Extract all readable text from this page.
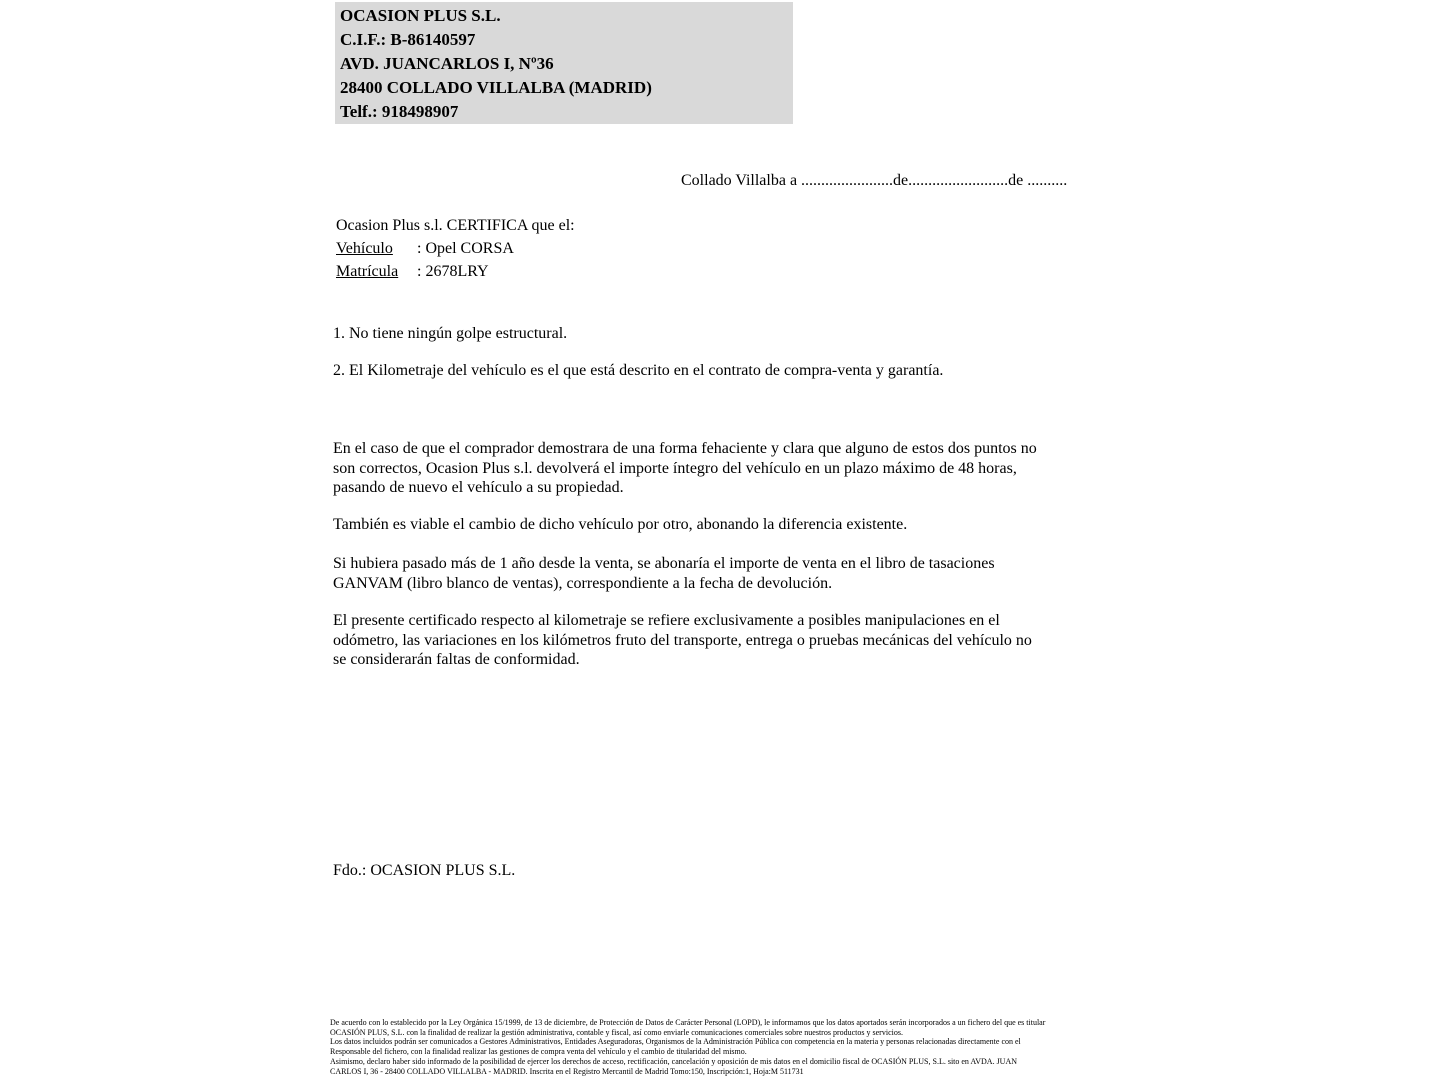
OCASION PLUS S.L.
C.I.F.: B-86140597
AVD. JUANCARLOS I, Nº36
28400 COLLADO VILLALBA (MADRID)
Telf.: 918498907
Collado Villalba a .......................de.........................de ..........
Ocasion Plus s.l. CERTIFICA que el:
Vehículo : Opel CORSA
Matrícula : 2678LRY
1. No tiene ningún golpe estructural.
2. El Kilometraje del vehículo es el que está descrito en el contrato de compra-venta y garantía.
En el caso de que el comprador demostrara de una forma fehaciente y clara que alguno de estos dos puntos no
son correctos, Ocasion Plus s.l. devolverá el importe íntegro del vehículo en un plazo máximo de 48 horas,
pasando de nuevo el vehículo a su propiedad.
También es viable el cambio de dicho vehículo por otro, abonando la diferencia existente.
Si hubiera pasado más de 1 año desde la venta, se abonaría el importe de venta en el libro de tasaciones
GANVAM (libro blanco de ventas), correspondiente a la fecha de devolución.
El presente certificado respecto al kilometraje se refiere exclusivamente a posibles manipulaciones en el
odómetro, las variaciones en los kilómetros fruto del transporte, entrega o pruebas mecánicas del vehículo no
se considerarán faltas de conformidad.
Fdo.: OCASION PLUS S.L.
De acuerdo con lo establecido por la Ley Orgánica 15/1999, de 13 de diciembre, de Protección de Datos de Carácter Personal (LOPD), le informamos que los datos aportados serán incorporados a un fichero del que es titular
OCASIÓN PLUS, S.L. con la finalidad de realizar la gestión administrativa, contable y fiscal, así como enviarle comunicaciones comerciales sobre nuestros productos y servicios.
Los datos incluidos podrán ser comunicados a Gestores Administrativos, Entidades Aseguradoras, Organismos de la Administración Pública con competencia en la materia y personas relacionadas directamente con el
Responsable del fichero, con la finalidad realizar las gestiones de compra venta del vehículo y el cambio de titularidad del mismo.
Asimismo, declaro haber sido informado de la posibilidad de ejercer los derechos de acceso, rectificación, cancelación y oposición de mis datos en el domicilio fiscal de OCASIÓN PLUS, S.L. sito en AVDA. JUAN
CARLOS I, 36 - 28400 COLLADO VILLALBA - MADRID. Inscrita en el Registro Mercantil de Madrid Tomo:150, Inscripción:1, Hoja:M 511731
